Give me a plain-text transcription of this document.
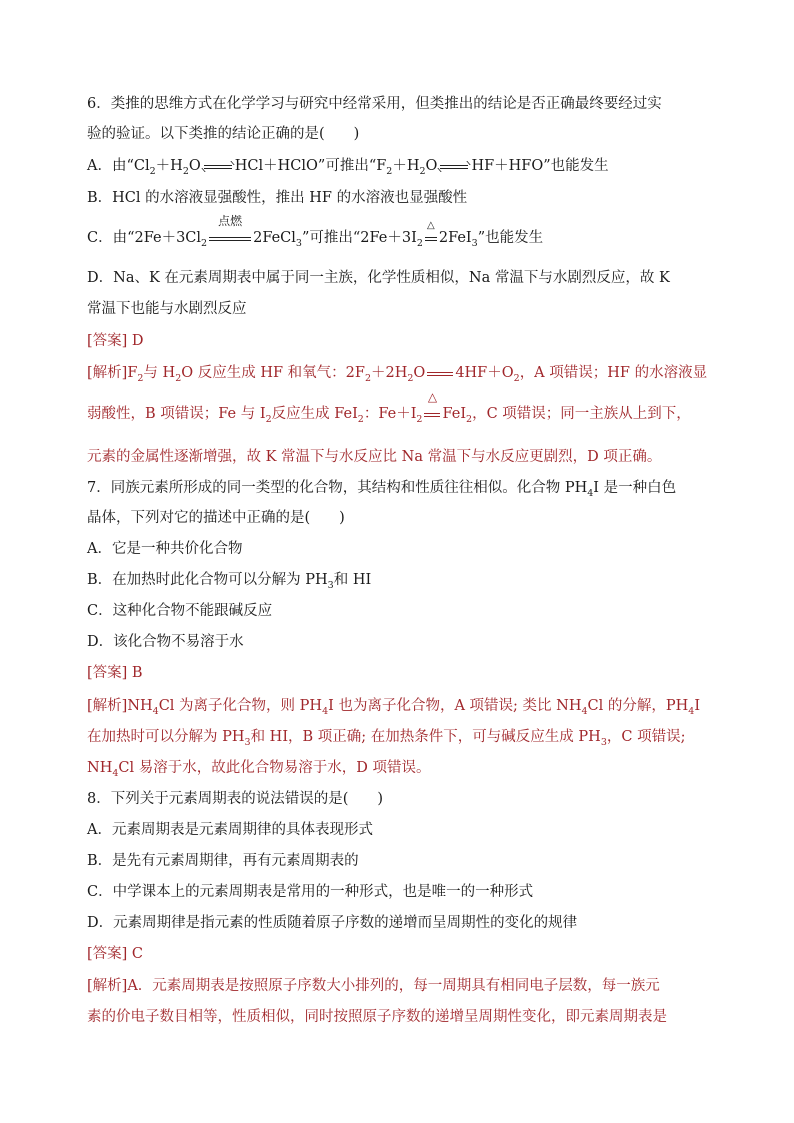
6．类推的思维方式在化学学习与研究中经常采用，但类推出的结论是否正确最终要经过实
验的验证。以下类推的结论正确的是(　　)
A．由“$Cl_2+H_2O$ HCl＋HClO”可推出“$F_2+H_2O$ HF＋HFO”也能发生
B．HCl 的水溶液显强酸性，推出 HF 的水溶液也显强酸性
C．由“$2Fe+3Cl_2$
点燃
2FeCl$_3$”可推出“$2Fe+3I_2$
△
2FeI$_3$”也能发生
D．Na、K 在元素周期表中属于同一主族，化学性质相似，Na 常温下与水剧烈反应，故 K
常温下也能与水剧烈反应
[答案] D
[解析]$F_2$与 $H_2O$ 反应生成 HF 和氧气：$2F_2+2H_2O$ $4HF+O_2$，A 项错误；HF 的水溶液显
弱酸性，B 项错误；Fe 与 $I_2$反应生成 FeI$_2$：$Fe+I_2$
△
FeI$_2$，C 项错误；同一主族从上到下，
元素的金属性逐渐增强，故 K 常温下与水反应比 Na 常温下与水反应更剧烈，D 项正确。
7．同族元素所形成的同一类型的化合物，其结构和性质往往相似。化合物 $PH_4I$ 是一种白色
晶体，下列对它的描述中正确的是(　　)
A．它是一种共价化合物
B．在加热时此化合物可以分解为 $PH_3$和 HI
C．这种化合物不能跟碱反应
D．该化合物不易溶于水
[答案] B
[解析]$NH_4Cl$ 为离子化合物，则 $PH_4I$ 也为离子化合物，A 项错误; 类比 $NH_4Cl$ 的分解，$PH_4I$
在加热时可以分解为 $PH_3$和 HI，B 项正确; 在加热条件下，可与碱反应生成 $PH_3$，C 项错误;
$NH_4Cl$ 易溶于水，故此化合物易溶于水，D 项错误。
8．下列关于元素周期表的说法错误的是(　　)
A．元素周期表是元素周期律的具体表现形式
B．是先有元素周期律，再有元素周期表的
C．中学课本上的元素周期表是常用的一种形式，也是唯一的一种形式
D．元素周期律是指元素的性质随着原子序数的递增而呈周期性的变化的规律
[答案] C
[解析]A．元素周期表是按照原子序数大小排列的，每一周期具有相同电子层数，每一族元
素的价电子数目相等，性质相似，同时按照原子序数的递增呈周期性变化，即元素周期表是
